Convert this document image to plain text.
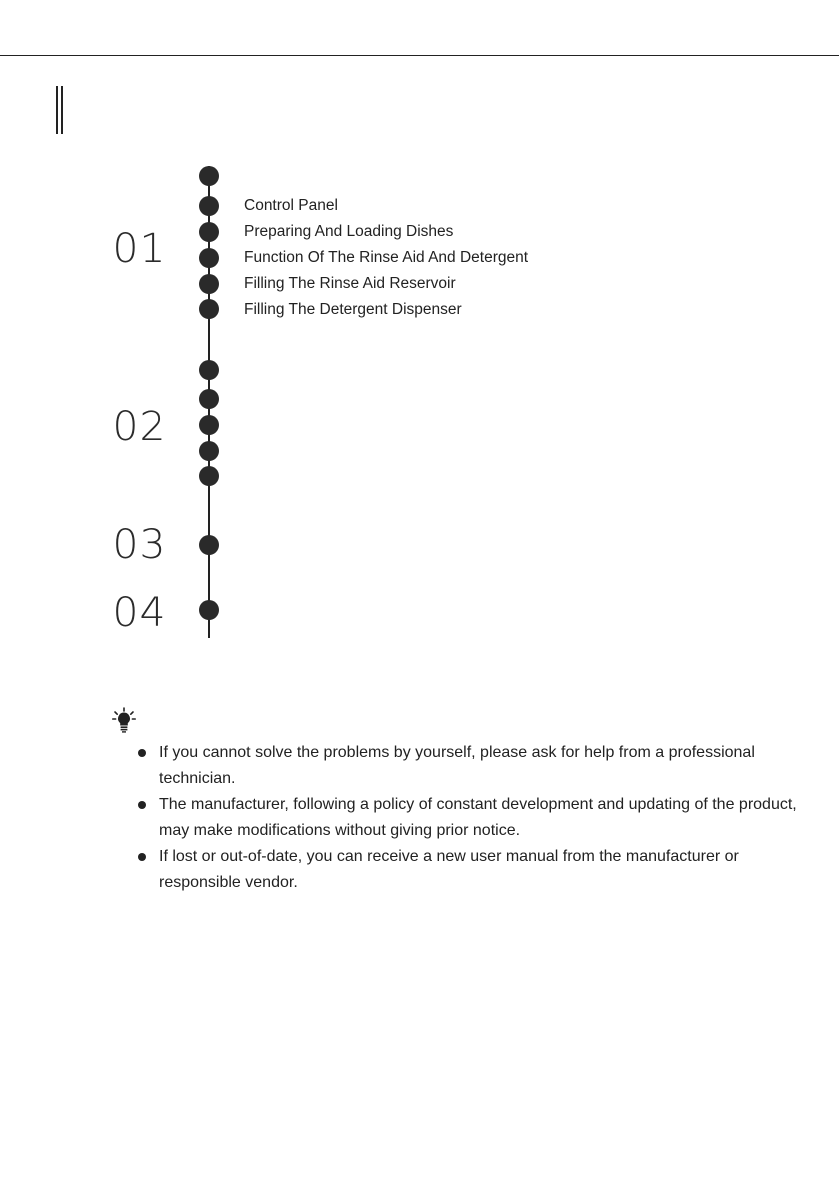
01
02
03
04
Control Panel
Preparing And Loading Dishes
Function Of The Rinse Aid And Detergent
Filling The Rinse Aid Reservoir
Filling The Detergent Dispenser
If you cannot solve the problems by yourself, please ask for help from a professional technician.
The manufacturer, following a policy of constant development and updating of the product, may make modifications without giving prior notice.
If lost or out-of-date, you can receive a new user manual from the manufacturer or responsible vendor.
